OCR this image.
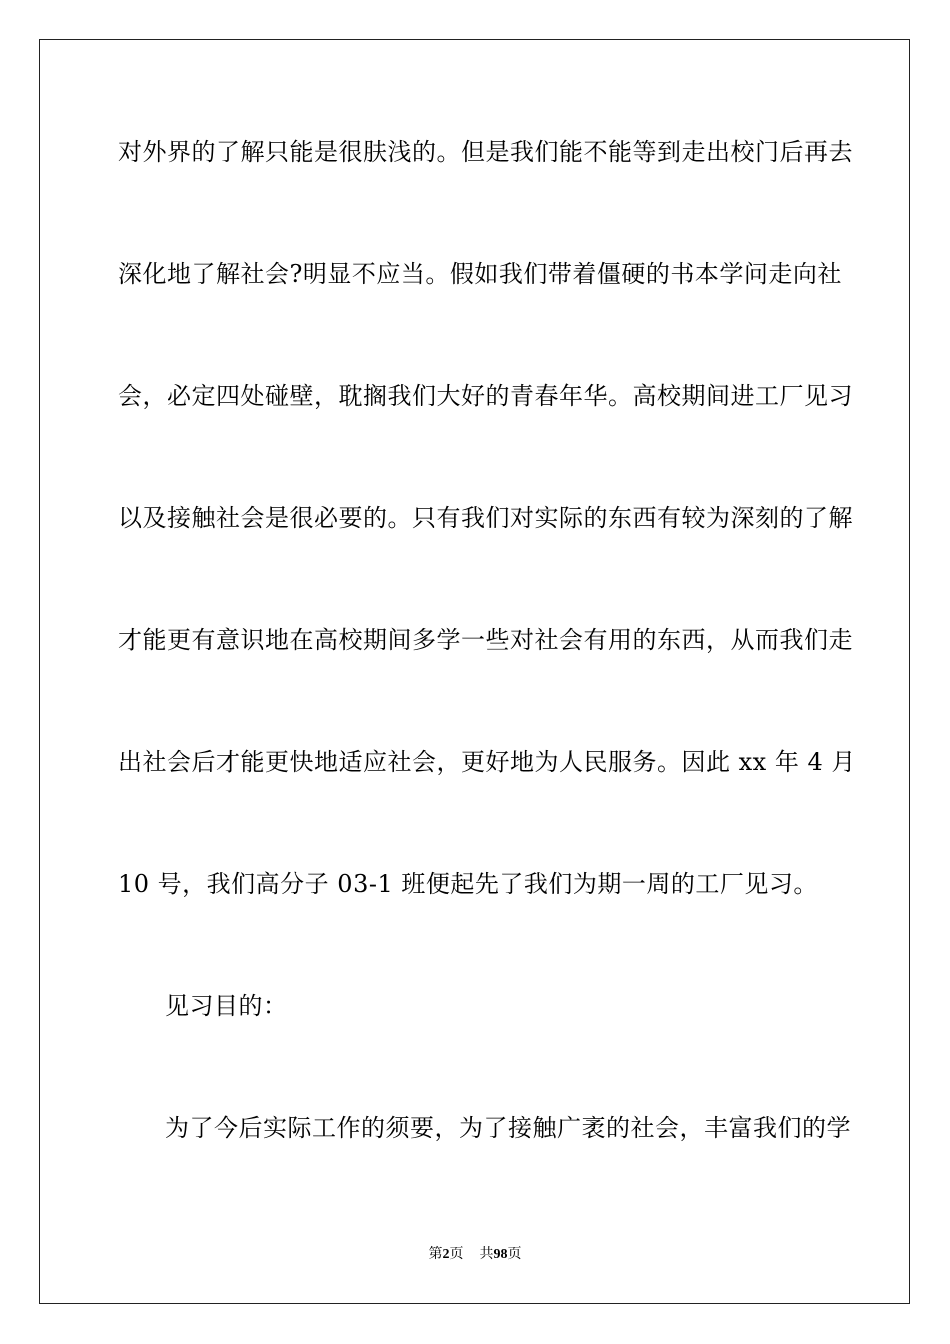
对外界的了解只能是很肤浅的。但是我们能不能等到走出校门后再去
深化地了解社会?明显不应当。假如我们带着僵硬的书本学问走向社
会，必定四处碰壁，耽搁我们大好的青春年华。高校期间进工厂见习
以及接触社会是很必要的。只有我们对实际的东西有较为深刻的了解
才能更有意识地在高校期间多学一些对社会有用的东西，从而我们走
出社会后才能更快地适应社会，更好地为人民服务。因此 xx 年 4 月
10 号，我们高分子 03-1 班便起先了我们为期一周的工厂见习。
见习目的：
为了今后实际工作的须要，为了接触广袤的社会，丰富我们的学
第2页 共98页
